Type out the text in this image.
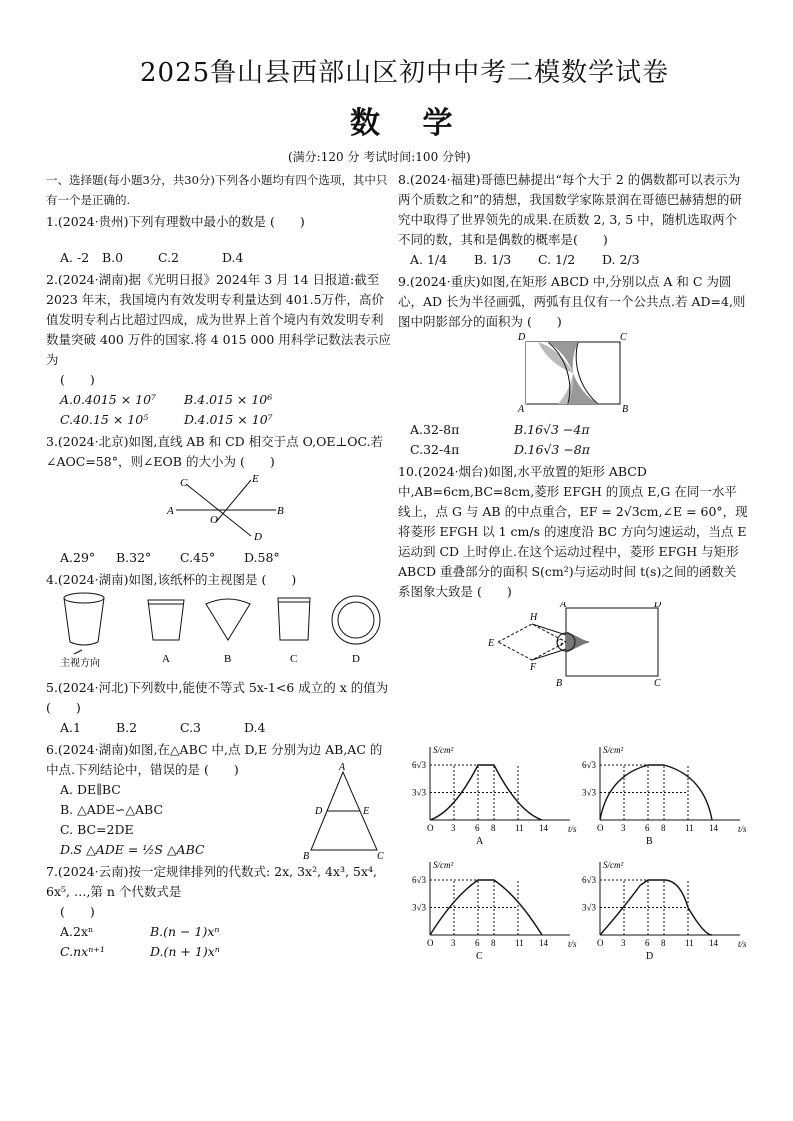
2025鲁山县西部山区初中中考二模数学试卷
数 学
(满分:120 分 考试时间:100 分钟)

一、选择题(每小题3分，共30分)下列各小题均有四个选项，其中只有一个是正确的.

1.(2024·贵州)下列有理数中最小的数是 (　　)

A. -2 B.0	C.2	D.4

2.(2024·湖南)据《光明日报》2024年 3 月 14 日报道:截至 2023 年末，我国境内有效发明专利量达到 401.5万件，高价值发明专利占比超过四成，成为世界上首个境内有效发明专利数量突破 400 万件的国家.将 4 015 000 用科学记数法表示应为

(　　)

A.0.4015 × 10⁷ B.4.015 × 10⁶

C.40.15 × 10⁵	D.4.015 × 10⁷

3.(2024·北京)如图,直线 AB 和 CD 相交于点 O,OE⊥OC.若∠AOC=58°，则∠EOB 的大小为 (　　)

A	B
C
D
E
O

A.29° B.32° C.45° D.58°

4.(2024·湖南)如图,该纸杯的主视图是 (　　)

主视方向	A	B	C	D

5.(2024·河北)下列数中,能使不等式 5x-1<6 成立的 x 的值为 (　　)

A.1	B.2	C.3	D.4

6.(2024·湖南)如图,在△ABC 中,点 D,E 分别为边 AB,AC 的中点.下列结论中，错误的是 (　　)

A. DE∥BC

B. △ADE∽△ABC

C. BC=2DE

D.S △ADE = ½S △ABC

A
B	C
D	E

7.(2024·云南)按一定规律排列的代数式: 2x, 3x², 4x³, 5x⁴, 6x⁵, …,第 n 个代数式是

(　　)

A.2xⁿ	B.(n − 1)xⁿ

C.nxⁿ⁺¹	D.(n + 1)xⁿ

8.(2024·福建)哥德巴赫提出“每个大于 2 的偶数都可以表示为两个质数之和”的猜想，我国数学家陈景润在哥德巴赫猜想的研究中取得了世界领先的成果.在质数 2, 3, 5 中，随机选取两个不同的数，其和是偶数的概率是(　　)

A. 1/4 B. 1/3 C. 1/2 D. 2/3

9.(2024·重庆)如图,在矩形 ABCD 中,分别以点 A 和 C 为圆心，AD 长为半径画弧，两弧有且仅有一个公共点.若 AD=4,则图中阴影部分的面积为 (　　)

D	C
A	B

A.32-8π	B.16√3 −4π

C.32-4π	D.16√3 −8π

10.(2024·烟台)如图,水平放置的矩形 ABCD 中,AB=6cm,BC=8cm,菱形 EFGH 的顶点 E,G 在同一水平线上，点 G 与 AB 的中点重合，EF = 2√3cm,∠E = 60°，现将菱形 EFGH 以 1 cm/s 的速度沿 BC 方向匀速运动，当点 E 运动到 CD 上时停止.在这个运动过程中，菱形 EFGH 与矩形 ABCD 重叠部分的面积 S(cm²)与运动时间 t(s)之间的函数关系图象大致是 (　　)

A	D
B	C
E
H
F
G
S/cm²
t/s
6√3
3√3
O 3 6 8 11 14
A
S/cm²
t/s
6√3
3√3
O 3 6 8 11 14
B
S/cm²
t/s
6√3
3√3
O 3 6 8 11 14
C
S/cm²
t/s
6√3
3√3
O 3 6 8 11 14
D
